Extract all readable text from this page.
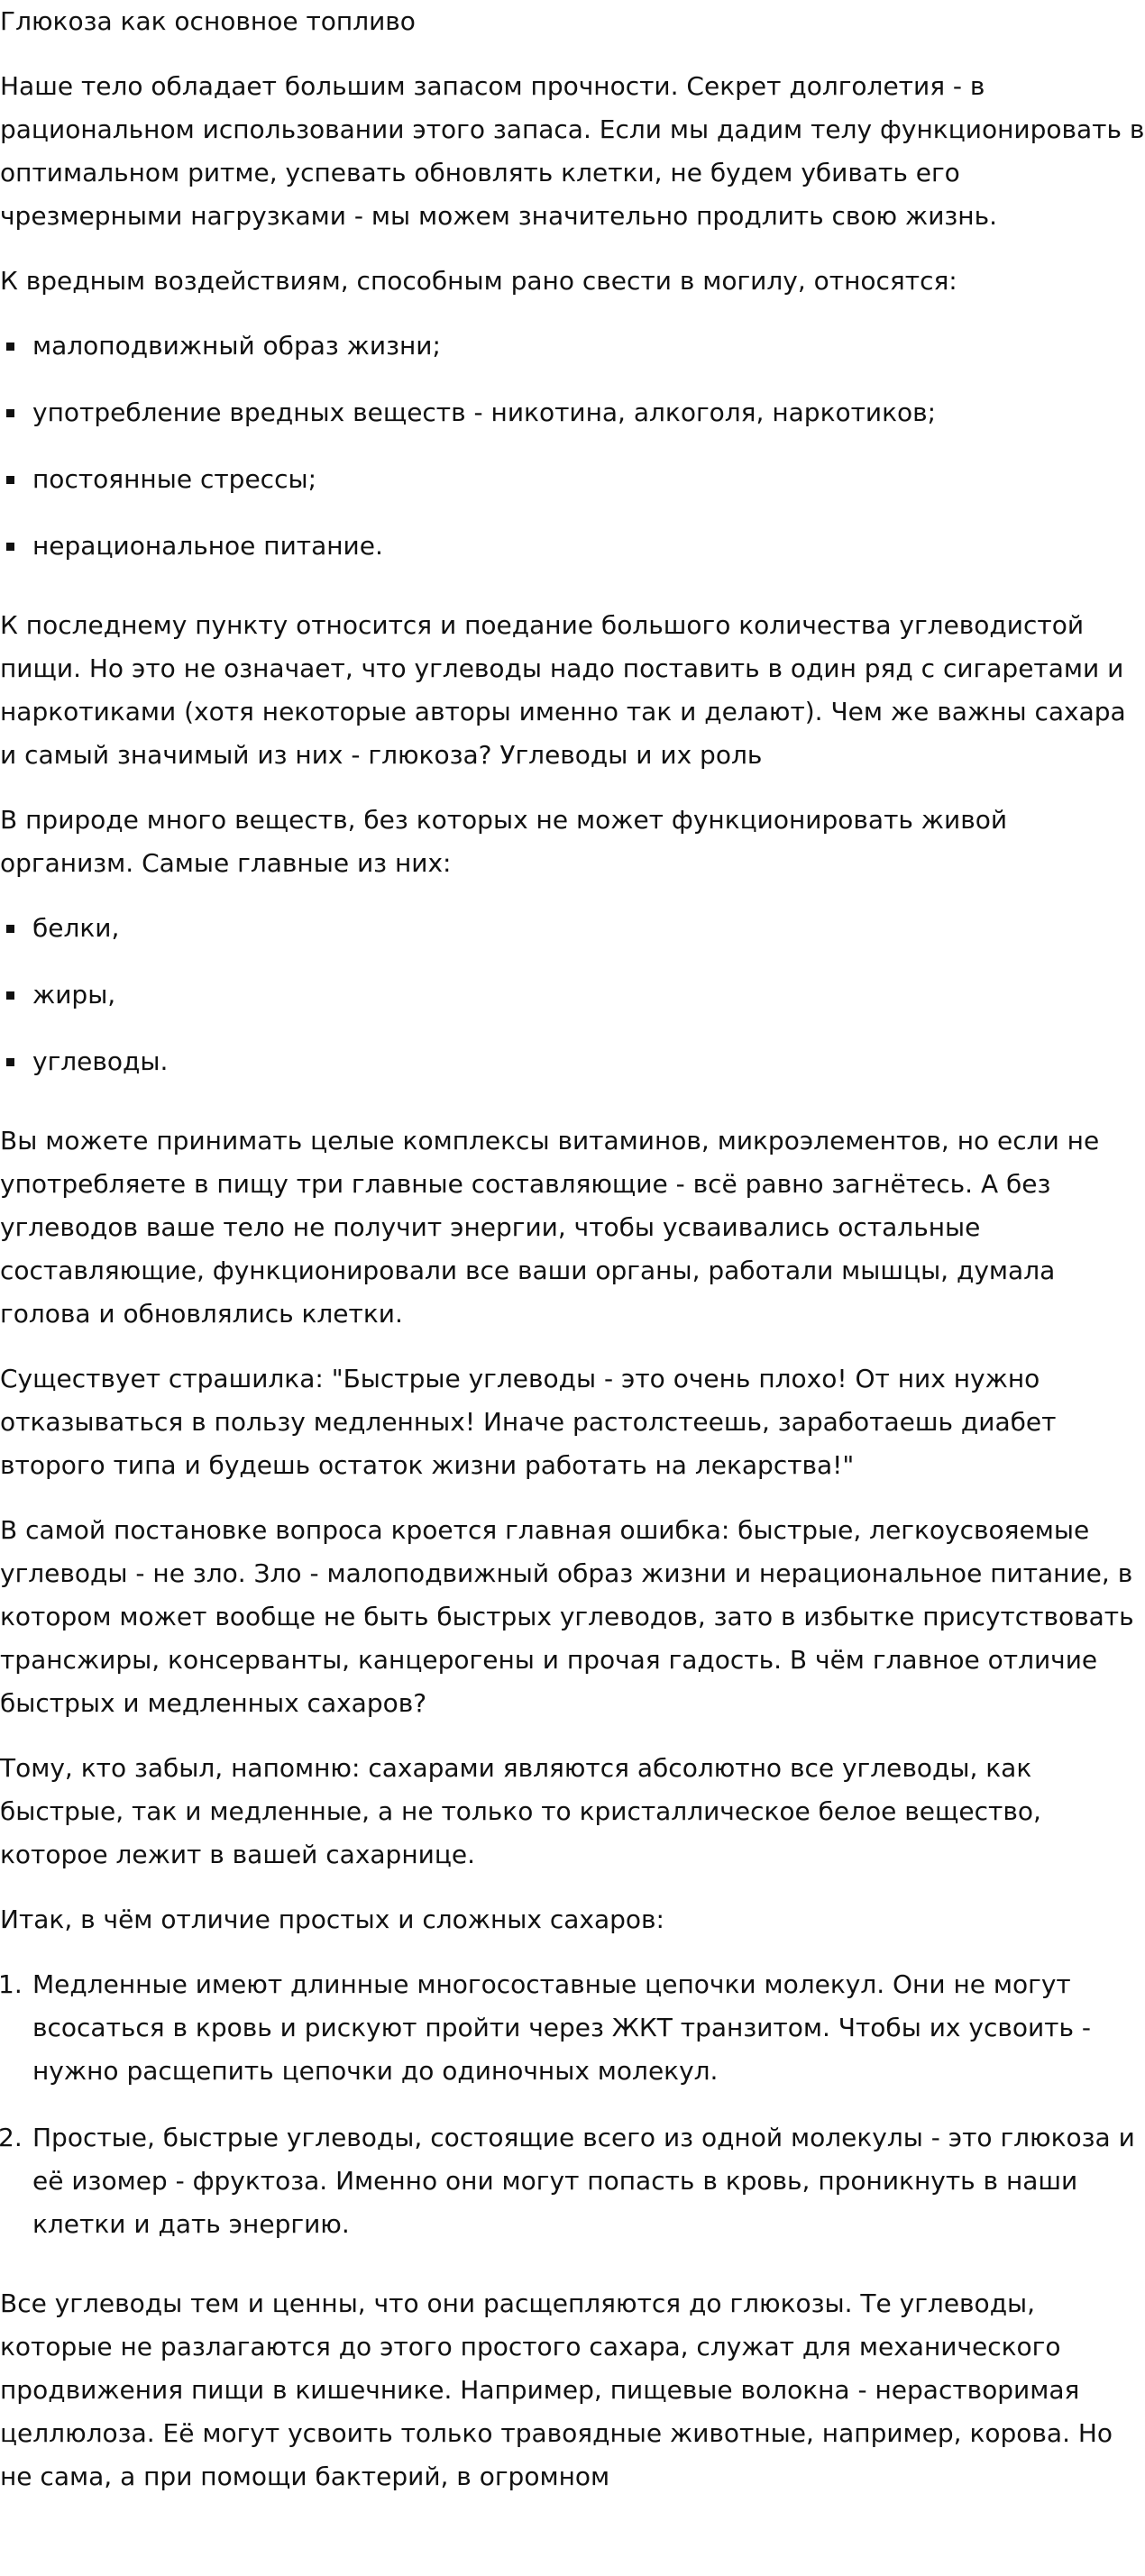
Глюкоза как основное топливо

Наше тело обладает большим запасом прочности. Секрет долголетия - в рациональном использовании этого запаса. Если мы дадим телу функционировать в оптимальном ритме, успевать обновлять клетки, не будем убивать его чрезмерными нагрузками - мы можем значительно продлить свою жизнь.

К вредным воздействиям, способным рано свести в могилу, относятся:

малоподвижный образ жизни;
употребление вредных веществ - никотина, алкоголя, наркотиков;
постоянные стрессы;
нерациональное питание.

К последнему пункту относится и поедание большого количества углеводистой пищи. Но это не означает, что углеводы надо поставить в один ряд с сигаретами и наркотиками (хотя некоторые авторы именно так и делают). Чем же важны сахара и самый значимый из них - глюкоза? Углеводы и их роль

В природе много веществ, без которых не может функционировать живой организм. Самые главные из них:

белки,
жиры,
углеводы.

Вы можете принимать целые комплексы витаминов, микроэлементов, но если не употребляете в пищу три главные составляющие - всё равно загнётесь. А без углеводов ваше тело не получит энергии, чтобы усваивались остальные составляющие, функционировали все ваши органы, работали мышцы, думала голова и обновлялись клетки.

Существует страшилка: "Быстрые углеводы - это очень плохо! От них нужно отказываться в пользу медленных! Иначе растолстеешь, заработаешь диабет второго типа и будешь остаток жизни работать на лекарства!"

В самой постановке вопроса кроется главная ошибка: быстрые, легкоусвояемые углеводы - не зло. Зло - малоподвижный образ жизни и нерациональное питание, в котором может вообще не быть быстрых углеводов, зато в избытке присутствовать трансжиры, консерванты, канцерогены и прочая гадость. В чём главное отличие быстрых и медленных сахаров?

Тому, кто забыл, напомню: сахарами являются абсолютно все углеводы, как быстрые, так и медленные, а не только то кристаллическое белое вещество, которое лежит в вашей сахарнице.

Итак, в чём отличие простых и сложных сахаров:

Медленные имеют длинные многосоставные цепочки молекул. Они не могут всосаться в кровь и рискуют пройти через ЖКТ транзитом. Чтобы их усвоить - нужно расщепить цепочки до одиночных молекул.
Простые, быстрые углеводы, состоящие всего из одной молекулы - это глюкоза и её изомер - фруктоза. Именно они могут попасть в кровь, проникнуть в наши клетки и дать энергию.

Все углеводы тем и ценны, что они расщепляются до глюкозы. Те углеводы, которые не разлагаются до этого простого сахара, служат для механического продвижения пищи в кишечнике. Например, пищевые волокна - нерастворимая целлюлоза. Её могут усвоить только травоядные животные, например, корова. Но не сама, а при помощи бактерий, в огромном
